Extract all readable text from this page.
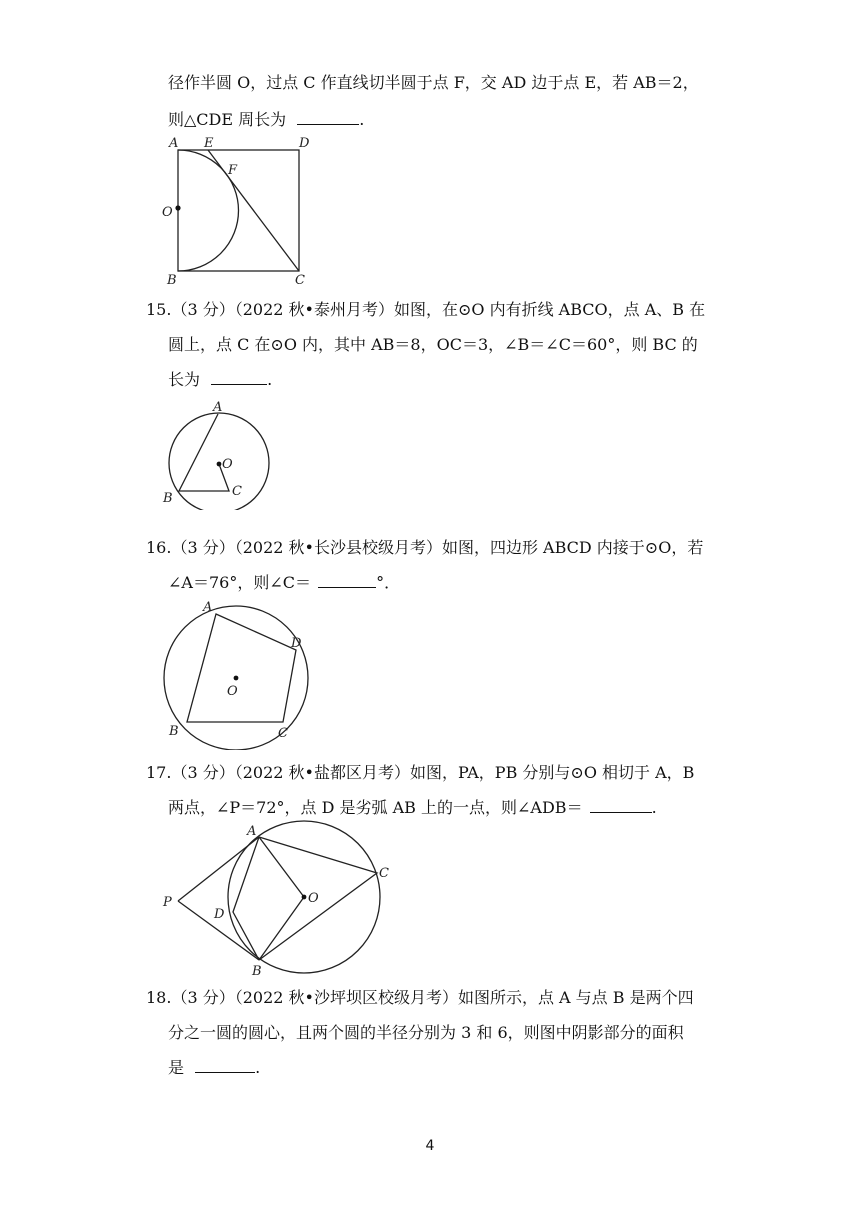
径作半圆 O，过点 C 作直线切半圆于点 F，交 AD 边于点 E，若 AB＝2，
则△CDE 周长为	.
A E	D
F
O
B	C
15.（3 分）（2022 秋•泰州月考）如图，在⊙O 内有折线 ABCO，点 A、B 在
圆上，点 C 在⊙O 内，其中 AB＝8，OC＝3，∠B＝∠C＝60°，则 BC 的
长为	.
A
O
B	C
16.（3 分）（2022 秋•长沙县校级月考）如图，四边形 ABCD 内接于⊙O，若
∠A＝76°，则∠C＝	°．
A
D
O
B	C
17.（3 分）（2022 秋•盐都区月考）如图，PA，PB 分别与⊙O 相切于 A，B
两点，∠P＝72°，点 D 是劣弧 AB 上的一点，则∠ADB＝	.
A
C
P
D
O
B
18.（3 分）（2022 秋•沙坪坝区校级月考）如图所示，点 A 与点 B 是两个四
分之一圆的圆心，且两个圆的半径分别为 3 和 6，则图中阴影部分的面积
是	.
4
